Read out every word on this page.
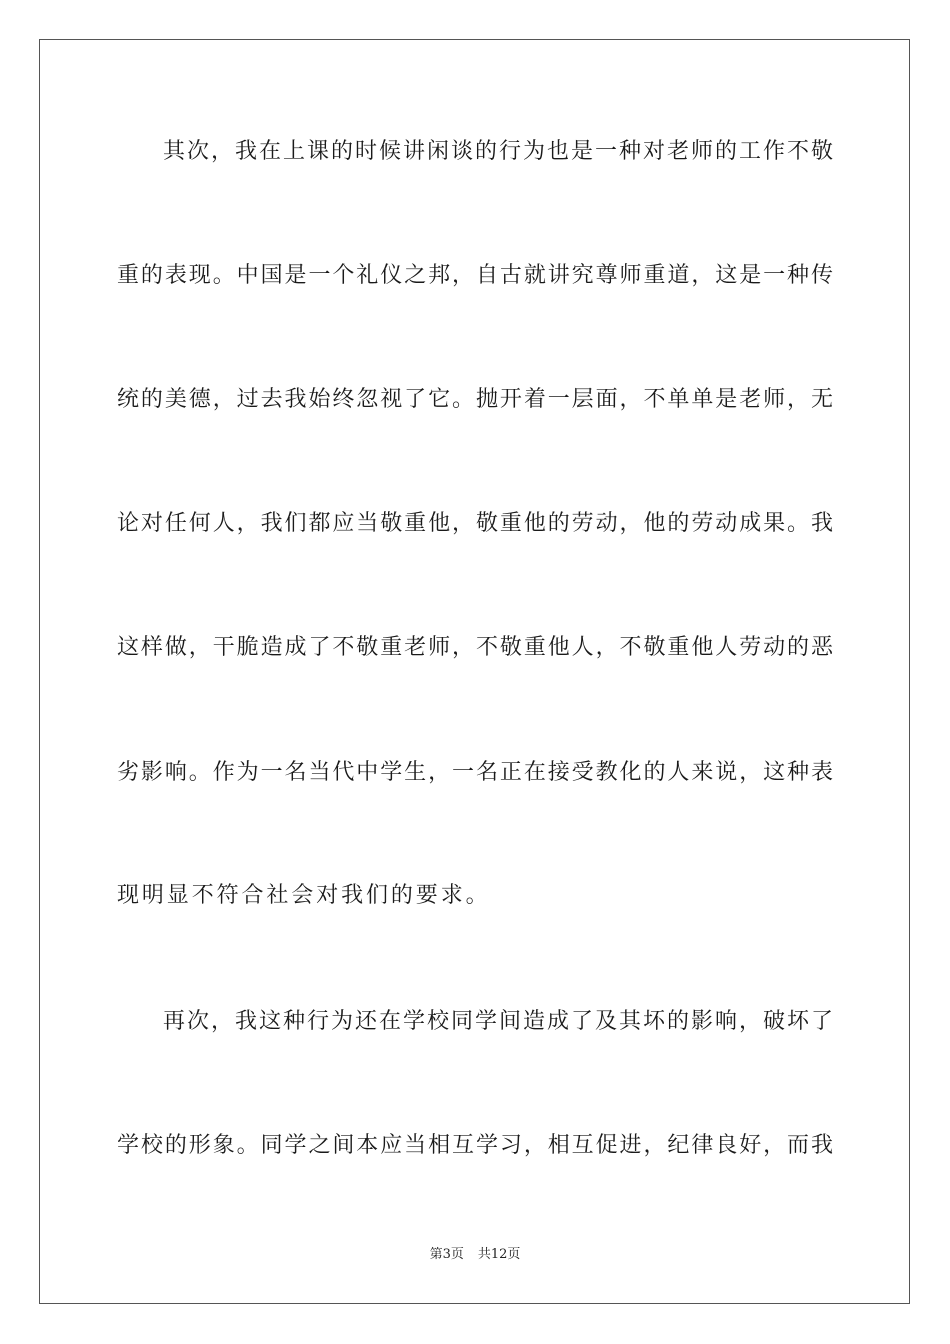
其次，我在上课的时候讲闲谈的行为也是一种对老师的工作不敬
重的表现。中国是一个礼仪之邦，自古就讲究尊师重道，这是一种传
统的美德，过去我始终忽视了它。抛开着一层面，不单单是老师，无
论对任何人，我们都应当敬重他，敬重他的劳动，他的劳动成果。我
这样做，干脆造成了不敬重老师，不敬重他人，不敬重他人劳动的恶
劣影响。作为一名当代中学生，一名正在接受教化的人来说，这种表
现明显不符合社会对我们的要求。
再次，我这种行为还在学校同学间造成了及其坏的影响，破坏了
学校的形象。同学之间本应当相互学习，相互促进，纪律良好，而我
第3页 共12页
